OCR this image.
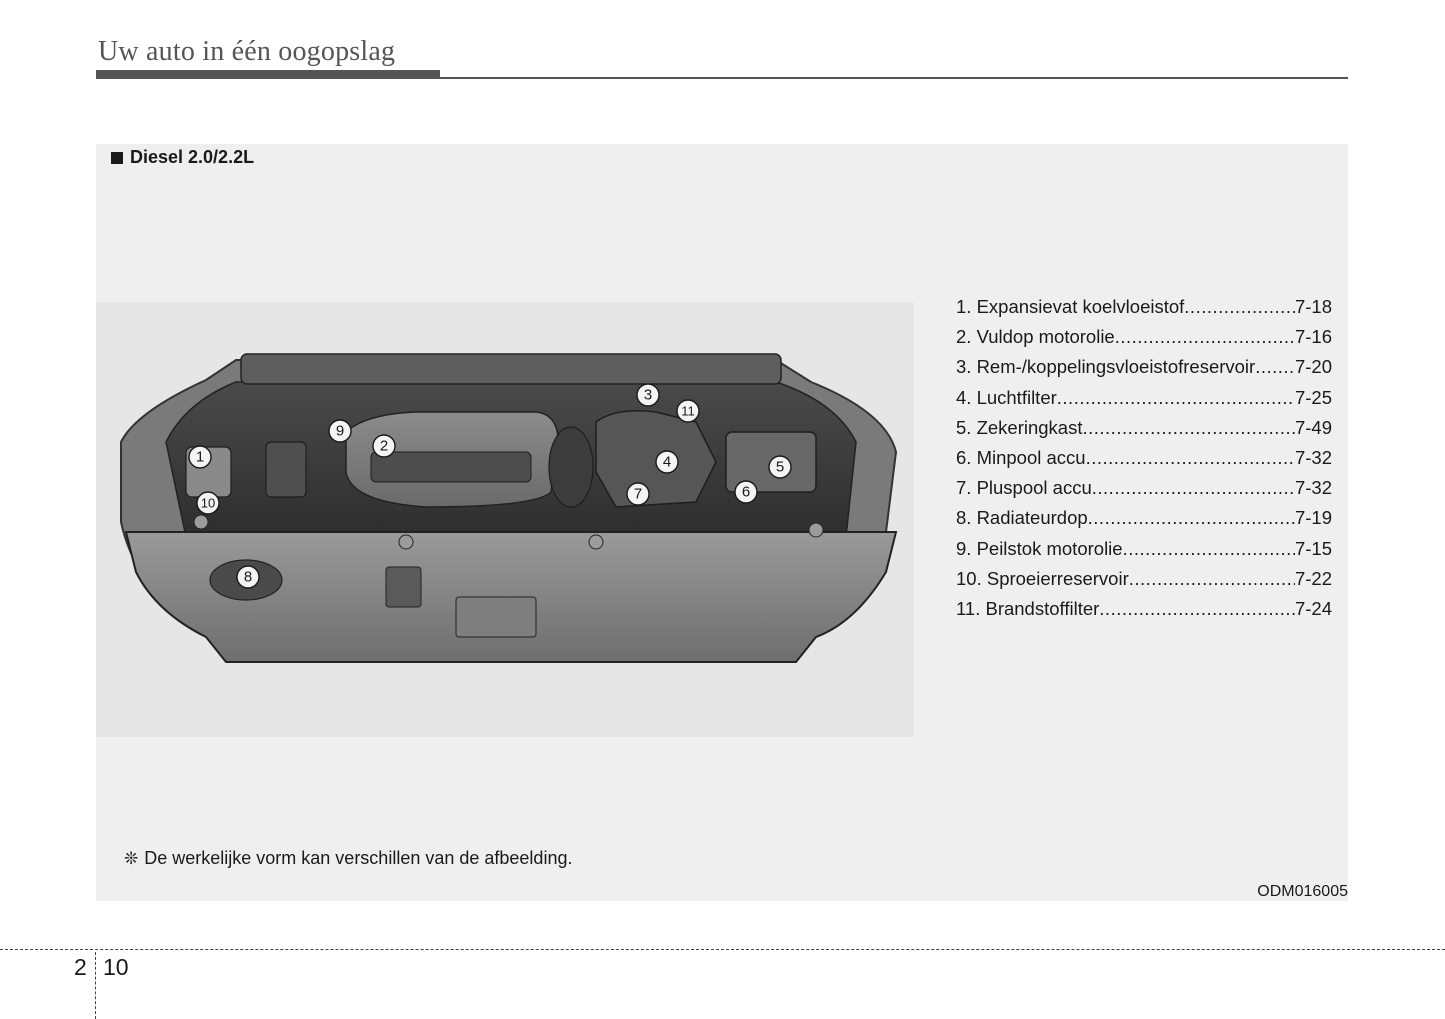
Uw auto in één oogopslag
Diesel 2.0/2.2L
1
2
3
4	5
6
7
8
9
10
11
1. Expansievat koelvloeistof .....	7-18
2. Vuldop motorolie .....	7-16
3. Rem-/koppelingsvloeistofreservoir ..... 7-20
4. Luchtfilter .....	7-25
5. Zekeringkast .....	7-49
6. Minpool accu .....	7-32
7. Pluspool accu .....	7-32
8. Radiateurdop .....	7-19
9. Peilstok motorolie .....	7-15
10. Sproeierreservoir .....	7-22
11. Brandstoffilter .....	7-24
❊ De werkelijke vorm kan verschillen van de afbeelding.
ODM016005
2 10
